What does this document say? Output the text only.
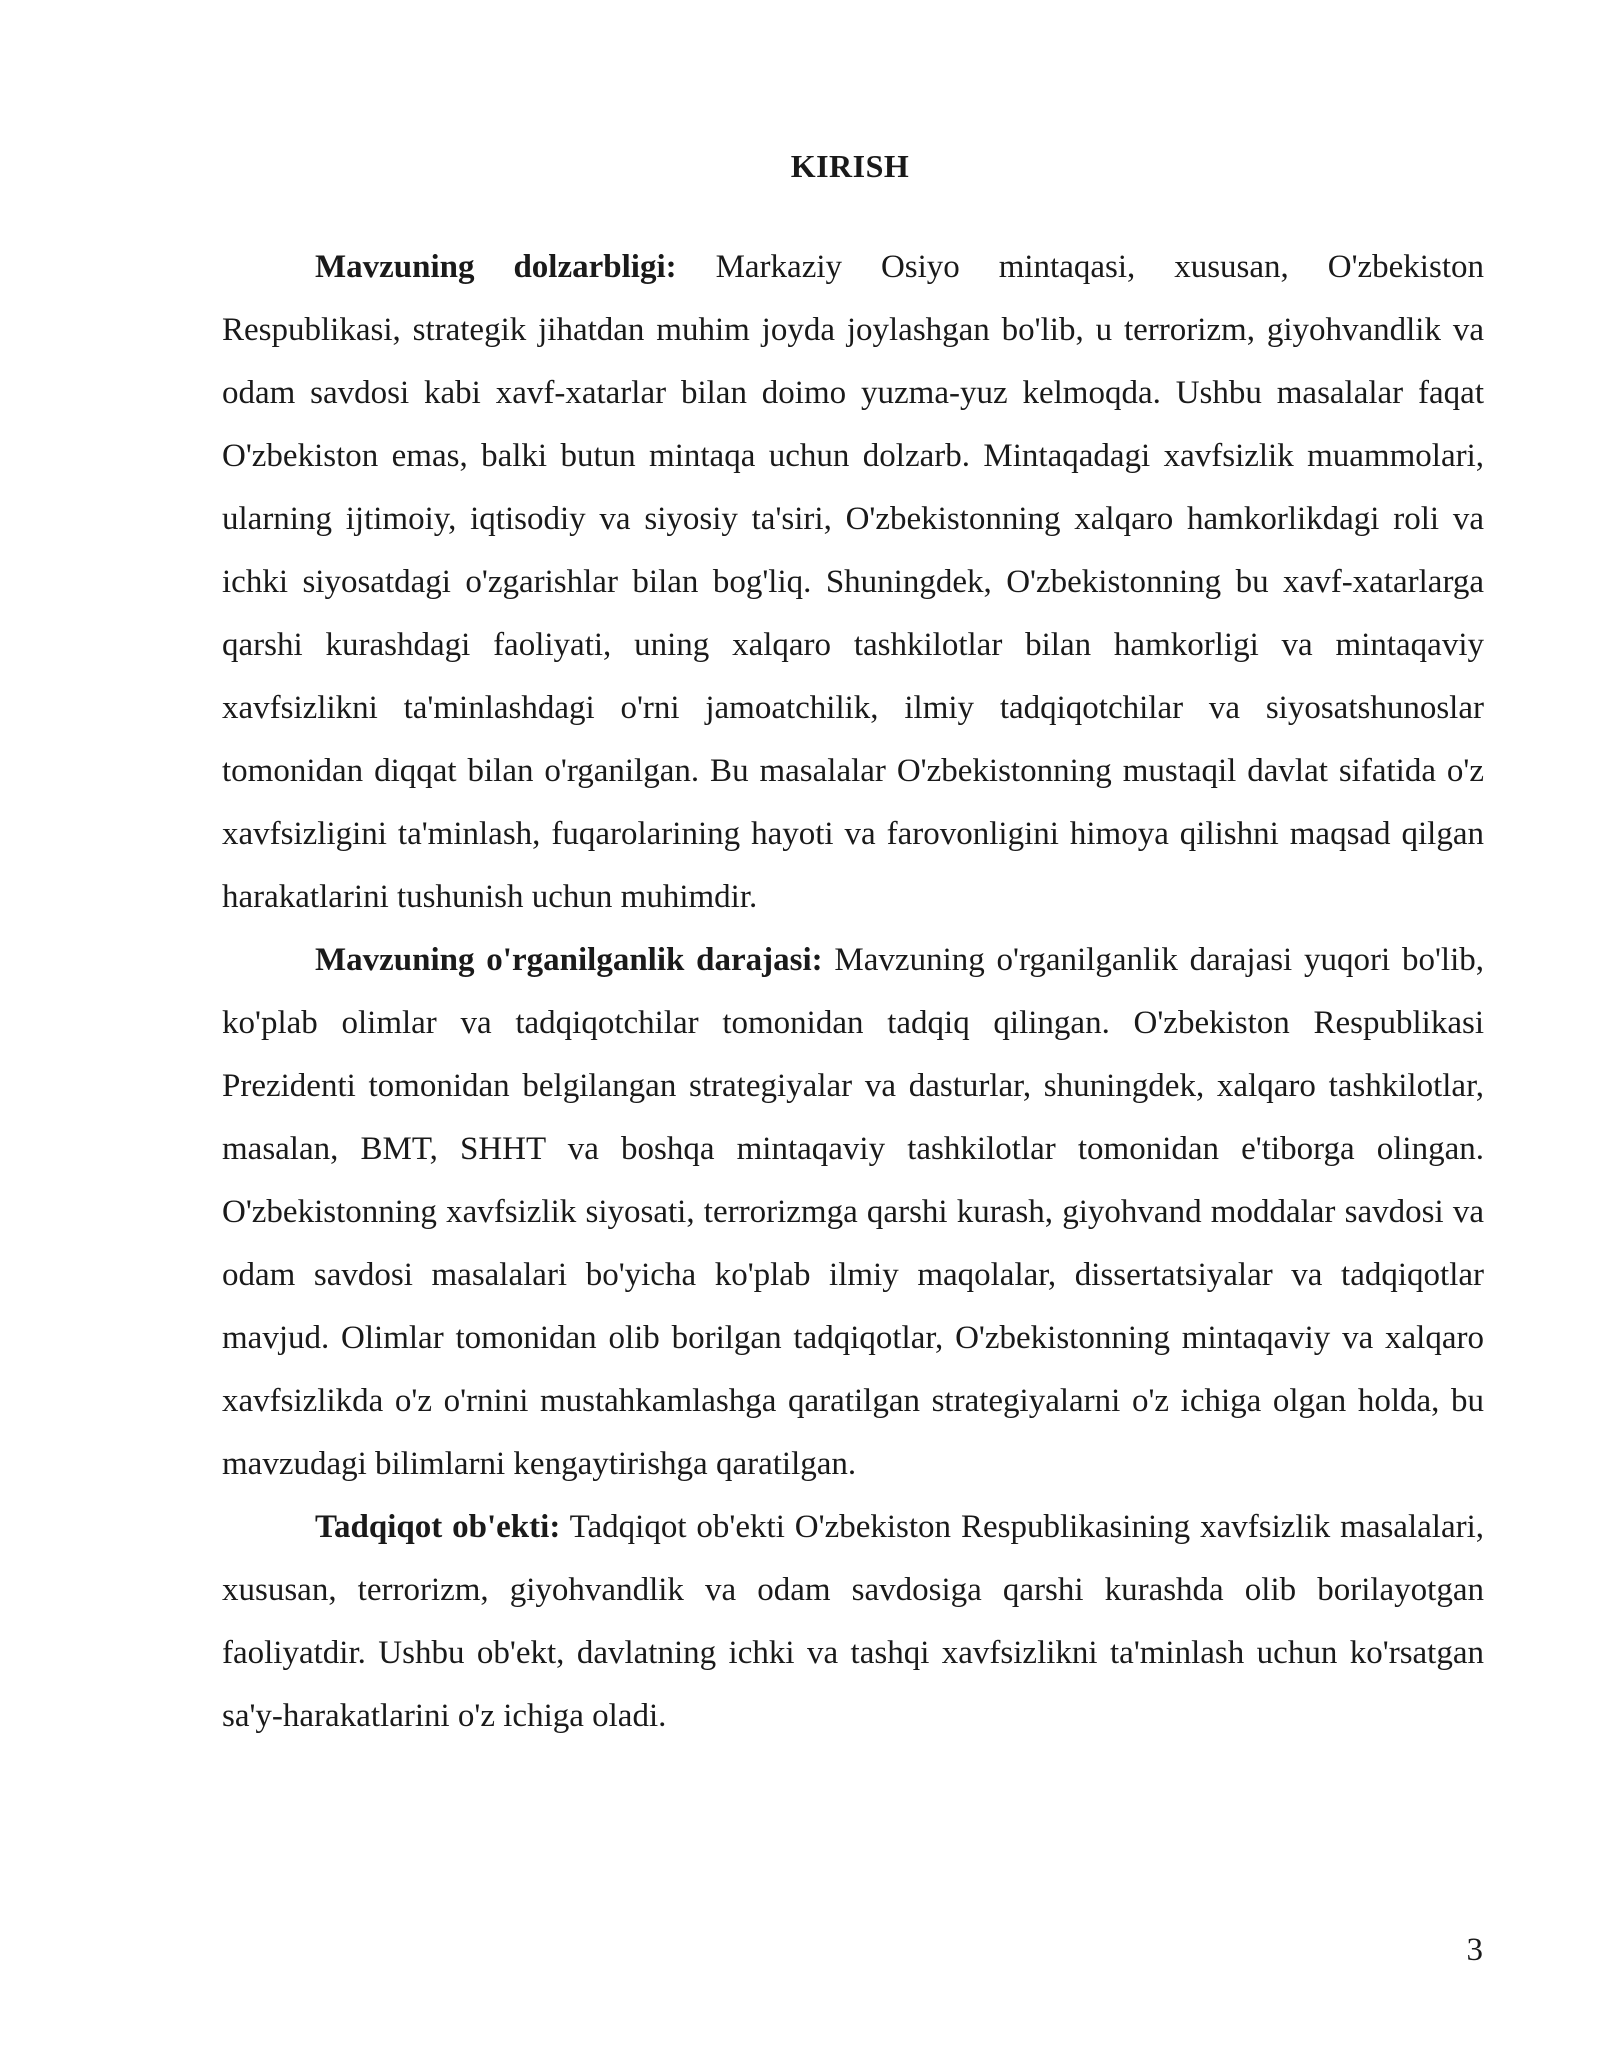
KIRISH

Mavzuning dolzarbligi: Markaziy Osiyo mintaqasi, xususan, O'zbekiston Respublikasi, strategik jihatdan muhim joyda joylashgan bo'lib, u terrorizm, giyohvandlik va odam savdosi kabi xavf-xatarlar bilan doimo yuzma-yuz kelmoqda. Ushbu masalalar faqat O'zbekiston emas, balki butun mintaqa uchun dolzarb. Mintaqadagi xavfsizlik muammolari, ularning ijtimoiy, iqtisodiy va siyosiy ta'siri, O'zbekistonning xalqaro hamkorlikdagi roli va ichki siyosatdagi o'zgarishlar bilan bog'liq. Shuningdek, O'zbekistonning bu xavf-xatarlarga qarshi kurashdagi faoliyati, uning xalqaro tashkilotlar bilan hamkorligi va mintaqaviy xavfsizlikni ta'minlashdagi o'rni jamoatchilik, ilmiy tadqiqotchilar va siyosatshunoslar tomonidan diqqat bilan o'rganilgan. Bu masalalar O'zbekistonning mustaqil davlat sifatida o'z xavfsizligini ta'minlash, fuqarolarining hayoti va farovonligini himoya qilishni maqsad qilgan harakatlarini tushunish uchun muhimdir.

Mavzuning o'rganilganlik darajasi: Mavzuning o'rganilganlik darajasi yuqori bo'lib, ko'plab olimlar va tadqiqotchilar tomonidan tadqiq qilingan. O'zbekiston Respublikasi Prezidenti tomonidan belgilangan strategiyalar va dasturlar, shuningdek, xalqaro tashkilotlar, masalan, BMT, SHHT va boshqa mintaqaviy tashkilotlar tomonidan e'tiborga olingan. O'zbekistonning xavfsizlik siyosati, terrorizmga qarshi kurash, giyohvand moddalar savdosi va odam savdosi masalalari bo'yicha ko'plab ilmiy maqolalar, dissertatsiyalar va tadqiqotlar mavjud. Olimlar tomonidan olib borilgan tadqiqotlar, O'zbekistonning mintaqaviy va xalqaro xavfsizlikda o'z o'rnini mustahkamlashga qaratilgan strategiyalarni o'z ichiga olgan holda, bu mavzudagi bilimlarni kengaytirishga qaratilgan.

Tadqiqot ob'ekti: Tadqiqot ob'ekti O'zbekiston Respublikasining xavfsizlik masalalari, xususan, terrorizm, giyohvandlik va odam savdosiga qarshi kurashda olib borilayotgan faoliyatdir. Ushbu ob'ekt, davlatning ichki va tashqi xavfsizlikni ta'minlash uchun ko'rsatgan sa'y-harakatlarini o'z ichiga oladi.

3
